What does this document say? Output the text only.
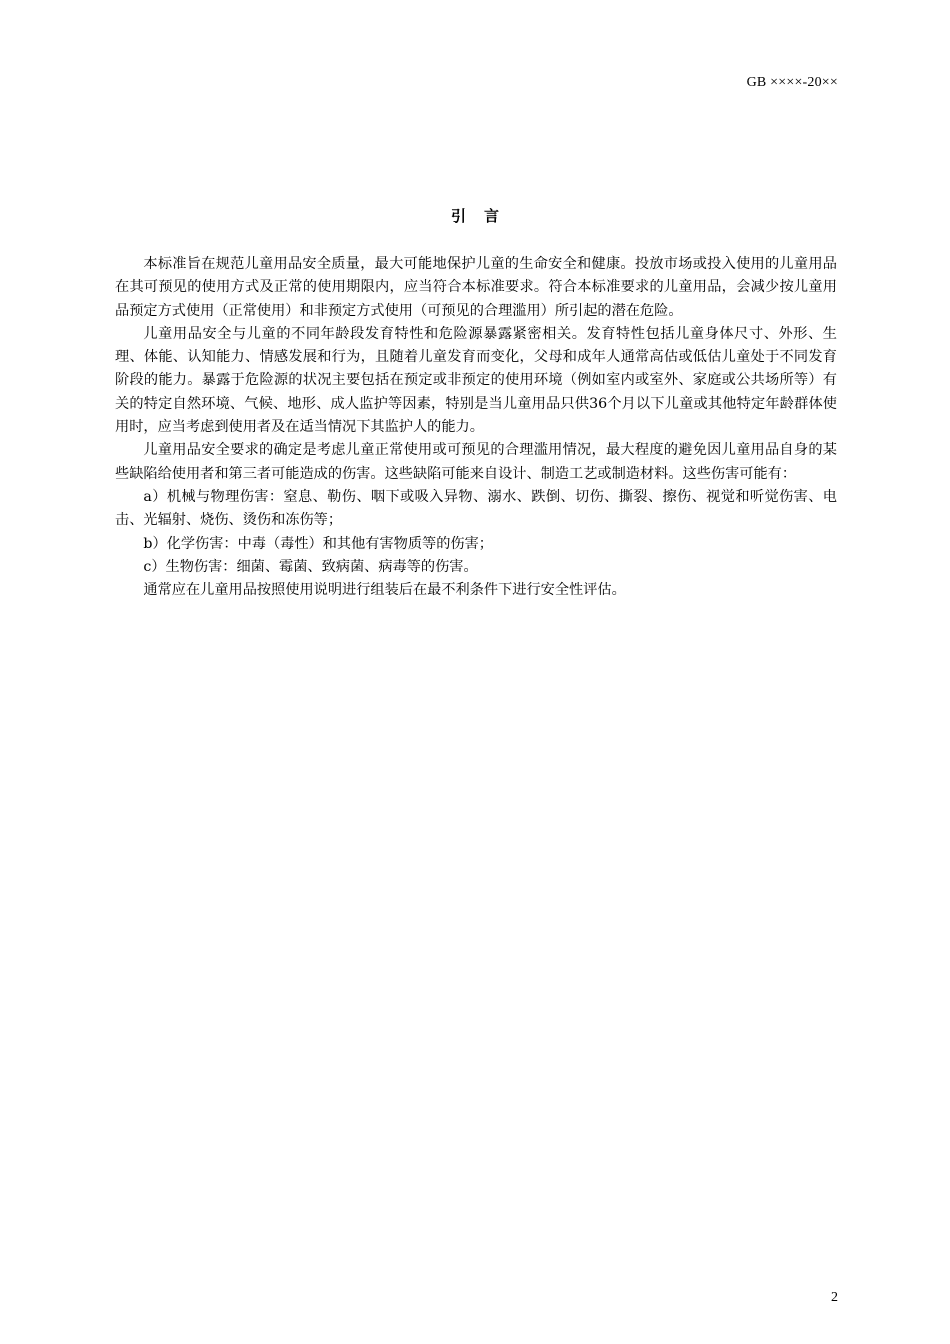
GB ××××-20××
引言

本标准旨在规范儿童用品安全质量，最大可能地保护儿童的生命安全和健康。投放市场或投入使用的儿童用品在其可预见的使用方式及正常的使用期限内，应当符合本标准要求。符合本标准要求的儿童用品，会减少按儿童用品预定方式使用（正常使用）和非预定方式使用（可预见的合理滥用）所引起的潜在危险。

儿童用品安全与儿童的不同年龄段发育特性和危险源暴露紧密相关。发育特性包括儿童身体尺寸、外形、生理、体能、认知能力、情感发展和行为，且随着儿童发育而变化，父母和成年人通常高估或低估儿童处于不同发育阶段的能力。暴露于危险源的状况主要包括在预定或非预定的使用环境（例如室内或室外、家庭或公共场所等）有关的特定自然环境、气候、地形、成人监护等因素，特别是当儿童用品只供36个月以下儿童或其他特定年龄群体使用时，应当考虑到使用者及在适当情况下其监护人的能力。

儿童用品安全要求的确定是考虑儿童正常使用或可预见的合理滥用情况，最大程度的避免因儿童用品自身的某些缺陷给使用者和第三者可能造成的伤害。这些缺陷可能来自设计、制造工艺或制造材料。这些伤害可能有：

a）机械与物理伤害：窒息、勒伤、咽下或吸入异物、溺水、跌倒、切伤、撕裂、擦伤、视觉和听觉伤害、电击、光辐射、烧伤、烫伤和冻伤等；

b）化学伤害：中毒（毒性）和其他有害物质等的伤害；

c）生物伤害：细菌、霉菌、致病菌、病毒等的伤害。

通常应在儿童用品按照使用说明进行组装后在最不利条件下进行安全性评估。

2
